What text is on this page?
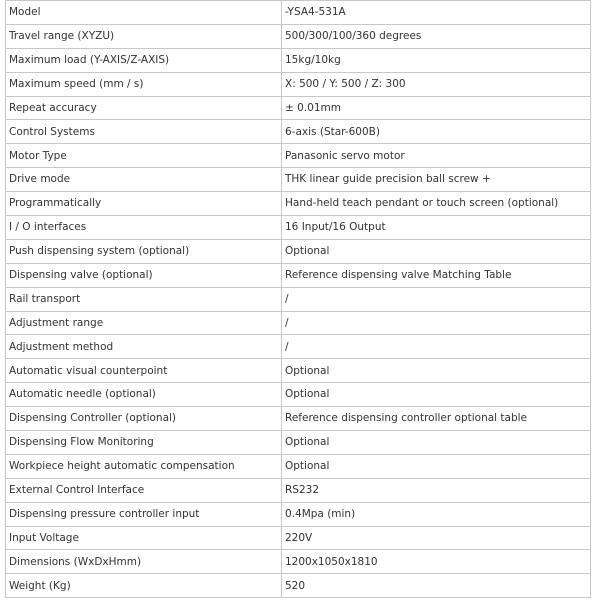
Model	-YSA4-531A
Travel range (XYZU)	500/300/100/360 degrees
Maximum load (Y-AXIS/Z-AXIS)	15kg/10kg
Maximum speed (mm / s)	X: 500 / Y: 500 / Z: 300
Repeat accuracy	± 0.01mm
Control Systems	6-axis (Star-600B)
Motor Type	Panasonic servo motor
Drive mode	THK linear guide precision ball screw +
Programmatically	Hand-held teach pendant or touch screen (optional)
I / O interfaces	16 Input/16 Output
Push dispensing system (optional)	Optional
Dispensing valve (optional)	Reference dispensing valve Matching Table
Rail transport	/
Adjustment range	/
Adjustment method	/
Automatic visual counterpoint	Optional
Automatic needle (optional)	Optional
Dispensing Controller (optional)	Reference dispensing controller optional table
Dispensing Flow Monitoring	Optional
Workpiece height automatic compensation	Optional
External Control Interface	RS232
Dispensing pressure controller input	0.4Mpa (min)
Input Voltage	220V
Dimensions (WxDxHmm)	1200x1050x1810
Weight (Kg)	520
